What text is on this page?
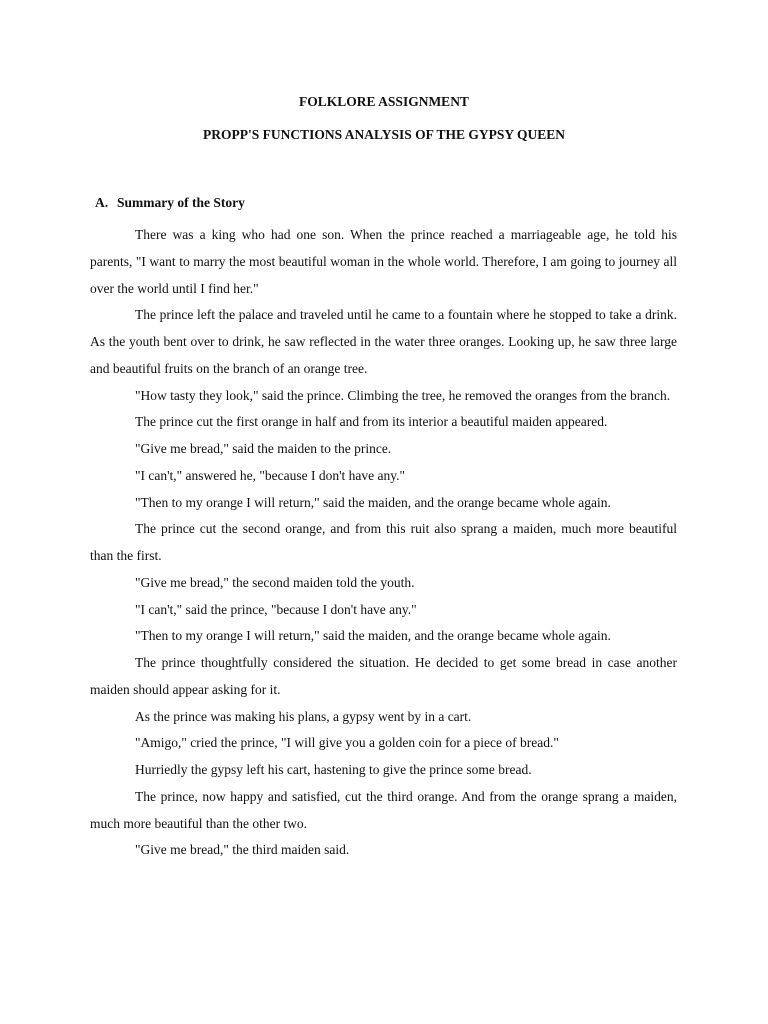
FOLKLORE ASSIGNMENT
PROPP'S FUNCTIONS ANALYSIS OF THE GYPSY QUEEN
A. Summary of the Story

There was a king who had one son. When the prince reached a marriageable age, he told his parents, "I want to marry the most beautiful woman in the whole world. Therefore, I am going to journey all over the world until I find her."

The prince left the palace and traveled until he came to a fountain where he stopped to take a drink. As the youth bent over to drink, he saw reflected in the water three oranges. Looking up, he saw three large and beautiful fruits on the branch of an orange tree.

"How tasty they look," said the prince. Climbing the tree, he removed the oranges from the branch.

The prince cut the first orange in half and from its interior a beautiful maiden appeared.

"Give me bread," said the maiden to the prince.

"I can't," answered he, "because I don't have any."

"Then to my orange I will return," said the maiden, and the orange became whole again.

The prince cut the second orange, and from this ruit also sprang a maiden, much more beautiful than the first.

"Give me bread," the second maiden told the youth.

"I can't," said the prince, "because I don't have any."

"Then to my orange I will return," said the maiden, and the orange became whole again.

The prince thoughtfully considered the situation. He decided to get some bread in case another maiden should appear asking for it.

As the prince was making his plans, a gypsy went by in a cart.

"Amigo," cried the prince, "I will give you a golden coin for a piece of bread."

Hurriedly the gypsy left his cart, hastening to give the prince some bread.

The prince, now happy and satisfied, cut the third orange. And from the orange sprang a maiden, much more beautiful than the other two.

"Give me bread," the third maiden said.
